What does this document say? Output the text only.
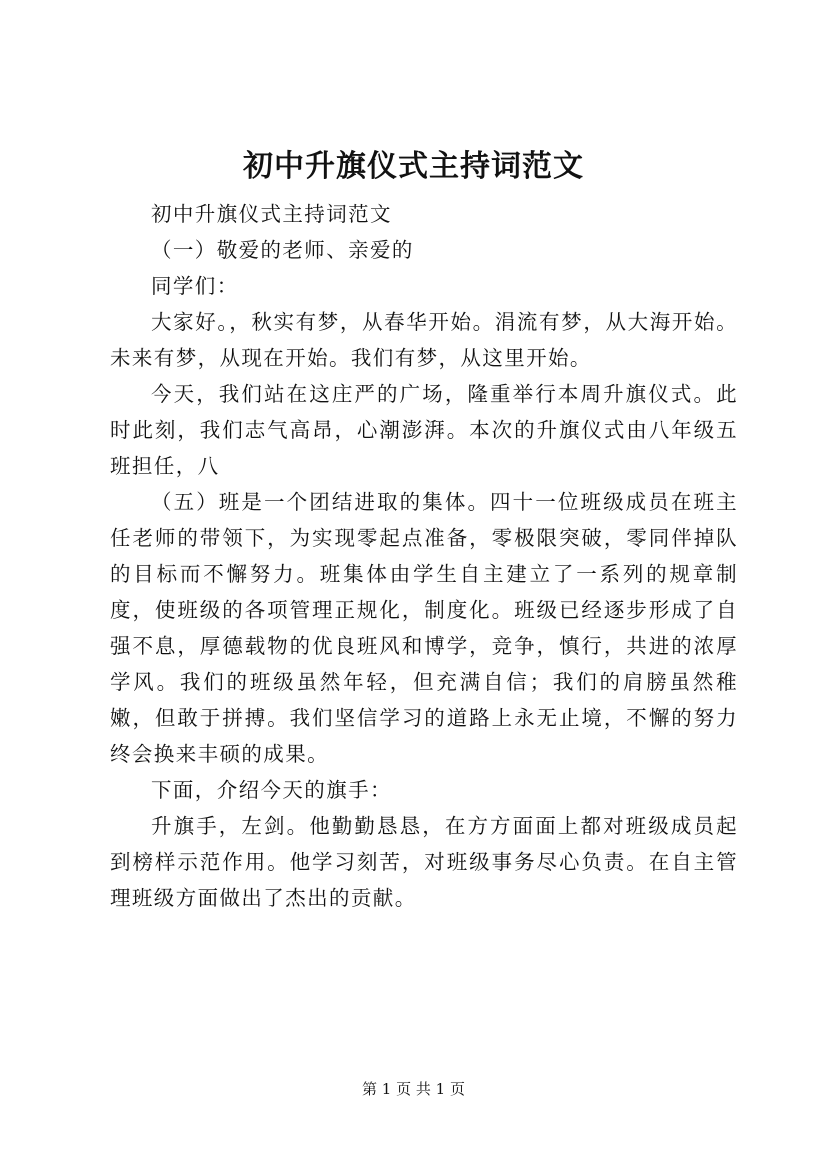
初中升旗仪式主持词范文

初中升旗仪式主持词范文

（一）敬爱的老师、亲爱的

同学们：

大家好。，秋实有梦，从春华开始。涓流有梦，从大海开始。未来有梦，从现在开始。我们有梦，从这里开始。

今天，我们站在这庄严的广场，隆重举行本周升旗仪式。此时此刻，我们志气高昂，心潮澎湃。本次的升旗仪式由八年级五班担任，八

（五）班是一个团结进取的集体。四十一位班级成员在班主任老师的带领下，为实现零起点准备，零极限突破，零同伴掉队的目标而不懈努力。班集体由学生自主建立了一系列的规章制度，使班级的各项管理正规化，制度化。班级已经逐步形成了自强不息，厚德载物的优良班风和博学，竞争，慎行，共进的浓厚学风。我们的班级虽然年轻，但充满自信；我们的肩膀虽然稚嫩，但敢于拼搏。我们坚信学习的道路上永无止境，不懈的努力终会换来丰硕的成果。

下面，介绍今天的旗手：

升旗手，左剑。他勤勤恳恳，在方方面面上都对班级成员起到榜样示范作用。他学习刻苦，对班级事务尽心负责。在自主管理班级方面做出了杰出的贡献。

第 1 页 共 1 页
